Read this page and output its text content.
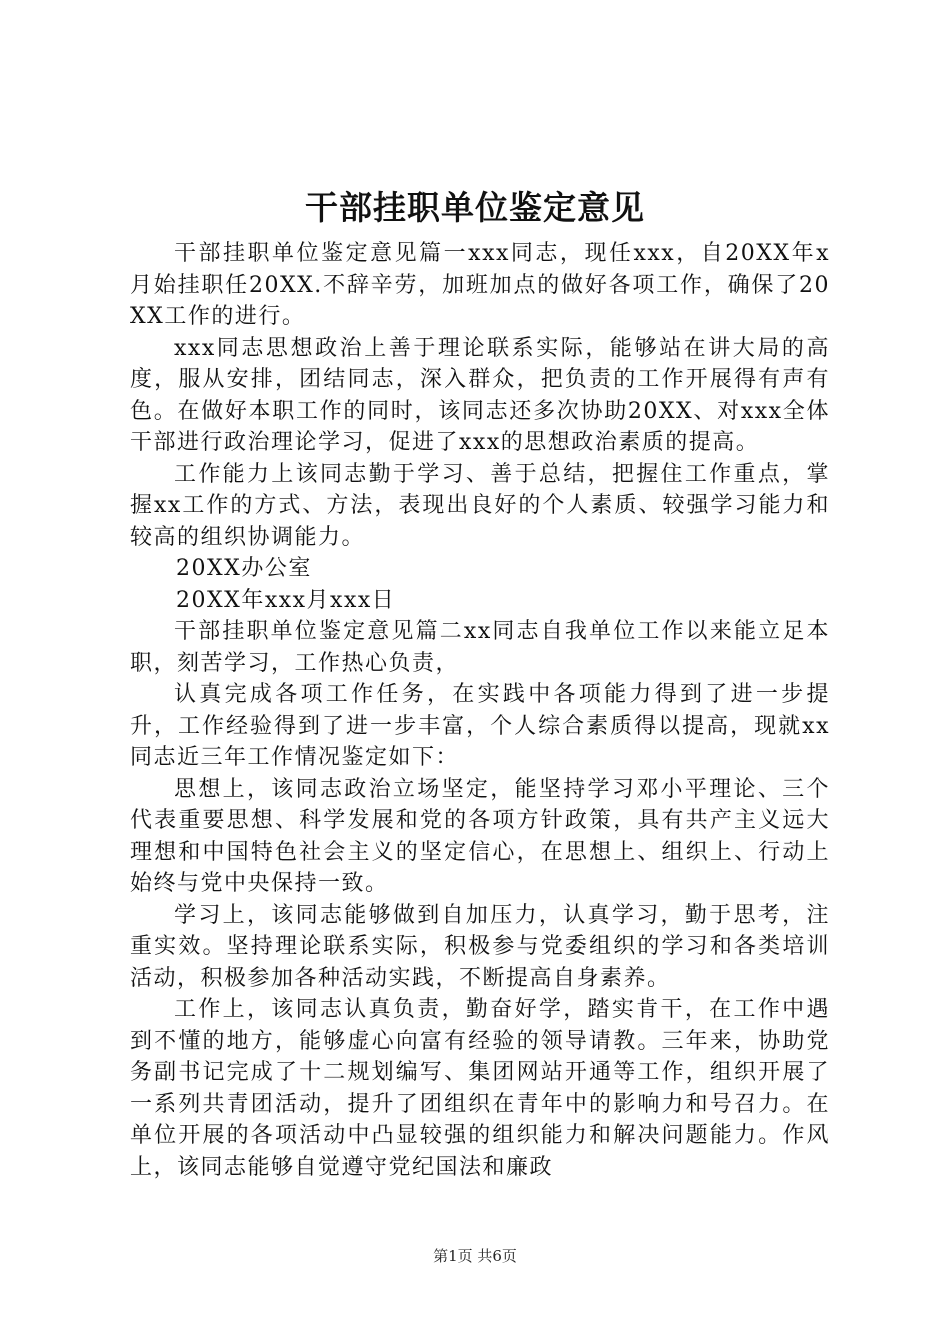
干部挂职单位鉴定意见

干部挂职单位鉴定意见篇一xxx同志，现任xxx，自20XX年x月始挂职任20XX.不辞辛劳，加班加点的做好各项工作，确保了20XX工作的进行。

xxx同志思想政治上善于理论联系实际，能够站在讲大局的高度，服从安排，团结同志，深入群众，把负责的工作开展得有声有色。在做好本职工作的同时，该同志还多次协助20XX、对xxx全体干部进行政治理论学习，促进了xxx的思想政治素质的提高。

工作能力上该同志勤于学习、善于总结，把握住工作重点，掌握xx工作的方式、方法，表现出良好的个人素质、较强学习能力和较高的组织协调能力。

20XX办公室

20XX年xxx月xxx日

干部挂职单位鉴定意见篇二xx同志自我单位工作以来能立足本职，刻苦学习，工作热心负责，

认真完成各项工作任务，在实践中各项能力得到了进一步提升，工作经验得到了进一步丰富，个人综合素质得以提高，现就xx同志近三年工作情况鉴定如下：

思想上，该同志政治立场坚定，能坚持学习邓小平理论、三个代表重要思想、科学发展和党的各项方针政策，具有共产主义远大理想和中国特色社会主义的坚定信心，在思想上、组织上、行动上始终与党中央保持一致。

学习上，该同志能够做到自加压力，认真学习，勤于思考，注重实效。坚持理论联系实际，积极参与党委组织的学习和各类培训活动，积极参加各种活动实践，不断提高自身素养。

工作上，该同志认真负责，勤奋好学，踏实肯干，在工作中遇到不懂的地方，能够虚心向富有经验的领导请教。三年来，协助党务副书记完成了十二规划编写、集团网站开通等工作，组织开展了一系列共青团活动，提升了团组织在青年中的影响力和号召力。在单位开展的各项活动中凸显较强的组织能力和解决问题能力。作风上，该同志能够自觉遵守党纪国法和廉政

第1页 共6页
